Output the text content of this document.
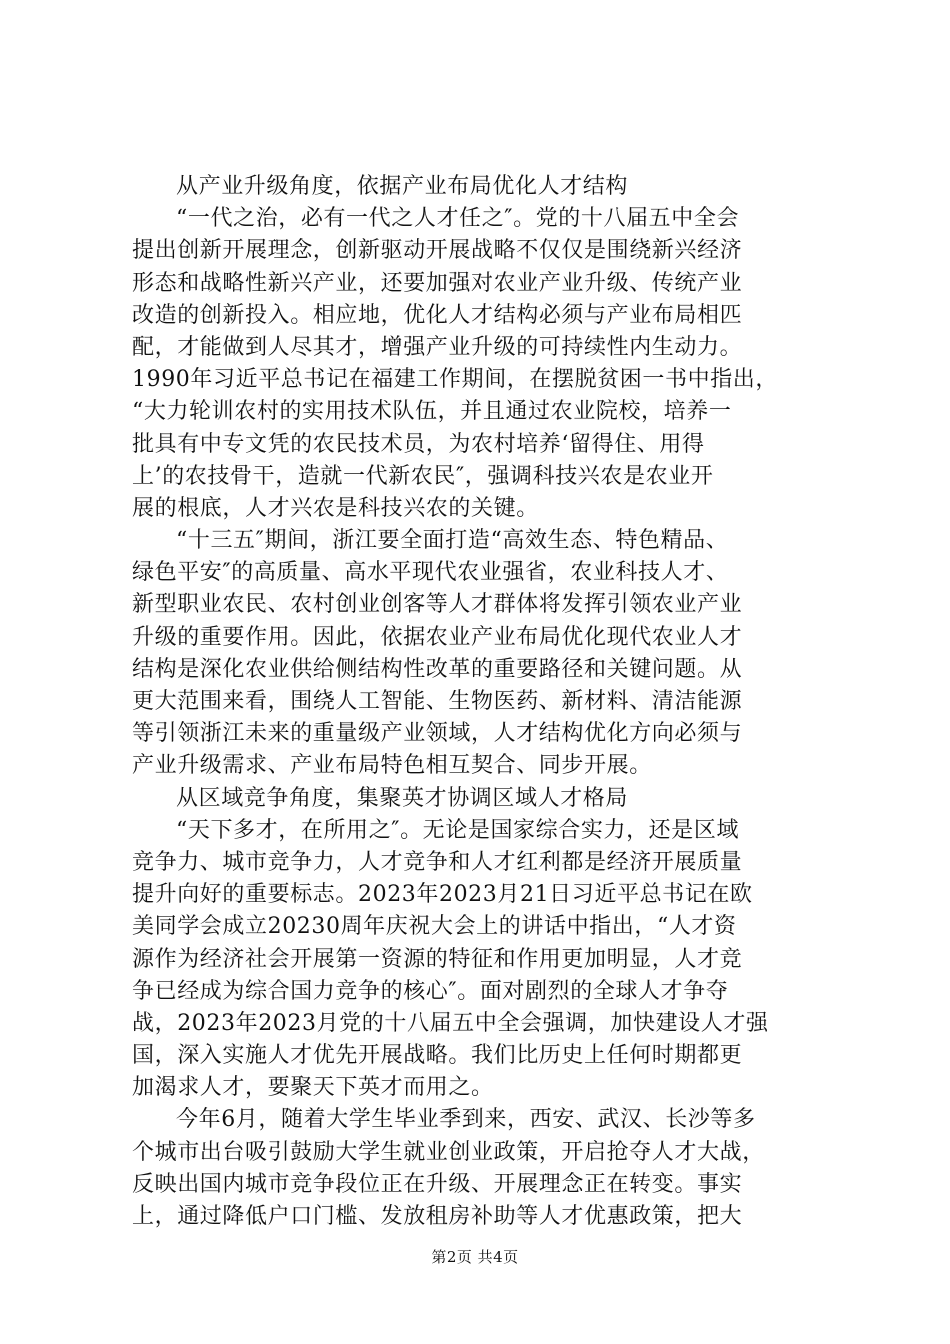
从产业升级角度，依据产业布局优化人才结构
“一代之治，必有一代之人才任之″。党的十八届五中全会
提出创新开展理念，创新驱动开展战略不仅仅是围绕新兴经济
形态和战略性新兴产业，还要加强对农业产业升级、传统产业
改造的创新投入。相应地，优化人才结构必须与产业布局相匹
配，才能做到人尽其才，增强产业升级的可持续性内生动力。
1990年习近平总书记在福建工作期间，在摆脱贫困一书中指出，
“大力轮训农村的实用技术队伍，并且通过农业院校，培养一
批具有中专文凭的农民技术员，为农村培养‘留得住、用得
上’的农技骨干，造就一代新农民″，强调科技兴农是农业开
展的根底，人才兴农是科技兴农的关键。
“十三五″期间，浙江要全面打造“高效生态、特色精品、
绿色平安″的高质量、高水平现代农业强省，农业科技人才、
新型职业农民、农村创业创客等人才群体将发挥引领农业产业
升级的重要作用。因此，依据农业产业布局优化现代农业人才
结构是深化农业供给侧结构性改革的重要路径和关键问题。从
更大范围来看，围绕人工智能、生物医药、新材料、清洁能源
等引领浙江未来的重量级产业领域，人才结构优化方向必须与
产业升级需求、产业布局特色相互契合、同步开展。
从区域竞争角度，集聚英才协调区域人才格局
“天下多才，在所用之″。无论是国家综合实力，还是区域
竞争力、城市竞争力，人才竞争和人才红利都是经济开展质量
提升向好的重要标志。2023年2023月21日习近平总书记在欧
美同学会成立20230周年庆祝大会上的讲话中指出，“人才资
源作为经济社会开展第一资源的特征和作用更加明显，人才竞
争已经成为综合国力竞争的核心″。面对剧烈的全球人才争夺
战，2023年2023月党的十八届五中全会强调，加快建设人才强
国，深入实施人才优先开展战略。我们比历史上任何时期都更
加渴求人才，要聚天下英才而用之。
今年6月，随着大学生毕业季到来，西安、武汉、长沙等多
个城市出台吸引鼓励大学生就业创业政策，开启抢夺人才大战，
反映出国内城市竞争段位正在升级、开展理念正在转变。事实
上，通过降低户口门槛、发放租房补助等人才优惠政策，把大
第2页 共4页
